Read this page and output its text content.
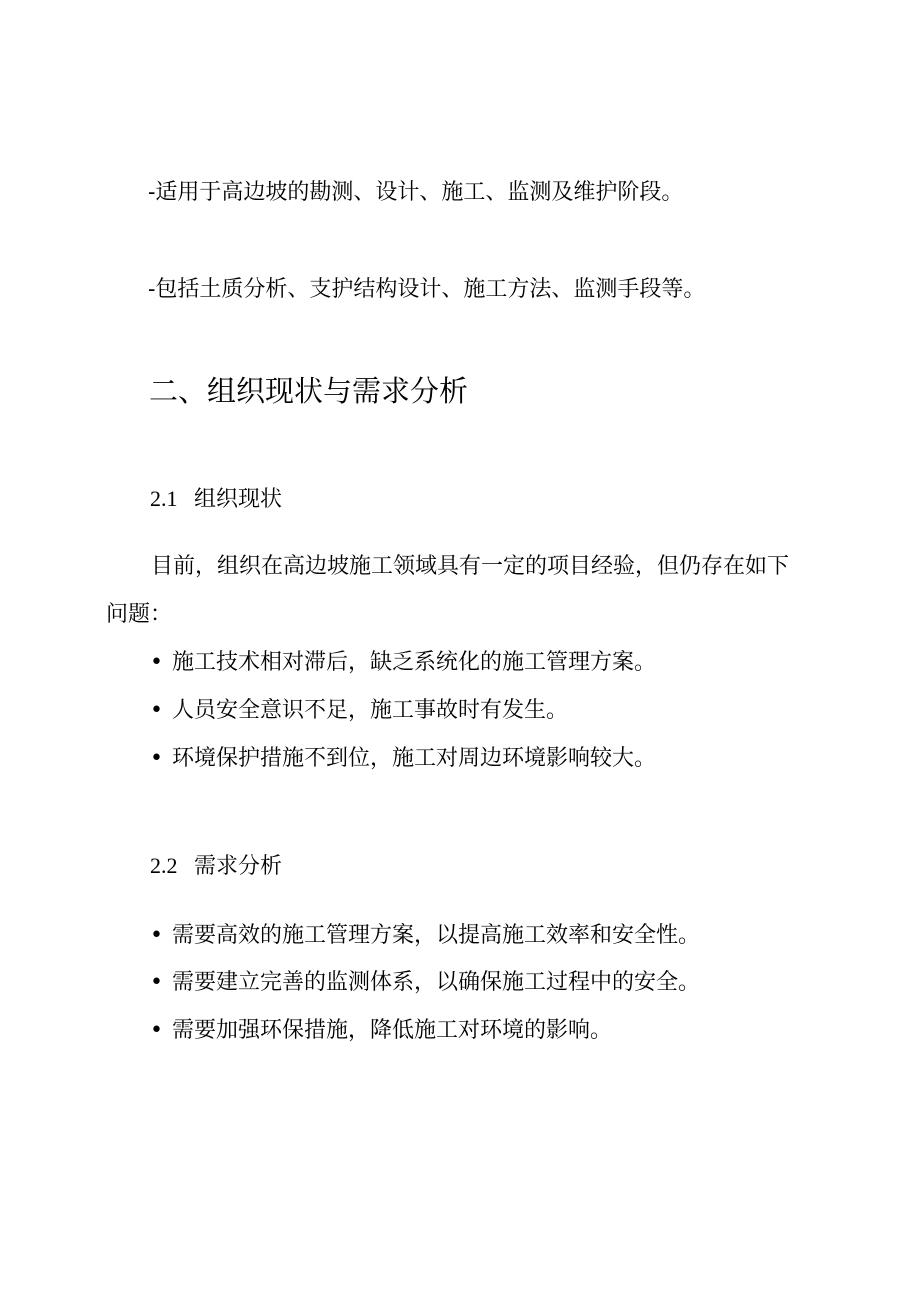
-适用于高边坡的勘测、设计、施工、监测及维护阶段。
-包括土质分析、支护结构设计、施工方法、监测手段等。
二、组织现状与需求分析
2.1 组织现状
目前，组织在高边坡施工领域具有一定的项目经验，但仍存在如下
问题：
• 施工技术相对滞后，缺乏系统化的施工管理方案。
• 人员安全意识不足，施工事故时有发生。
• 环境保护措施不到位，施工对周边环境影响较大。
2.2 需求分析
• 需要高效的施工管理方案，以提高施工效率和安全性。
• 需要建立完善的监测体系，以确保施工过程中的安全。
• 需要加强环保措施，降低施工对环境的影响。
